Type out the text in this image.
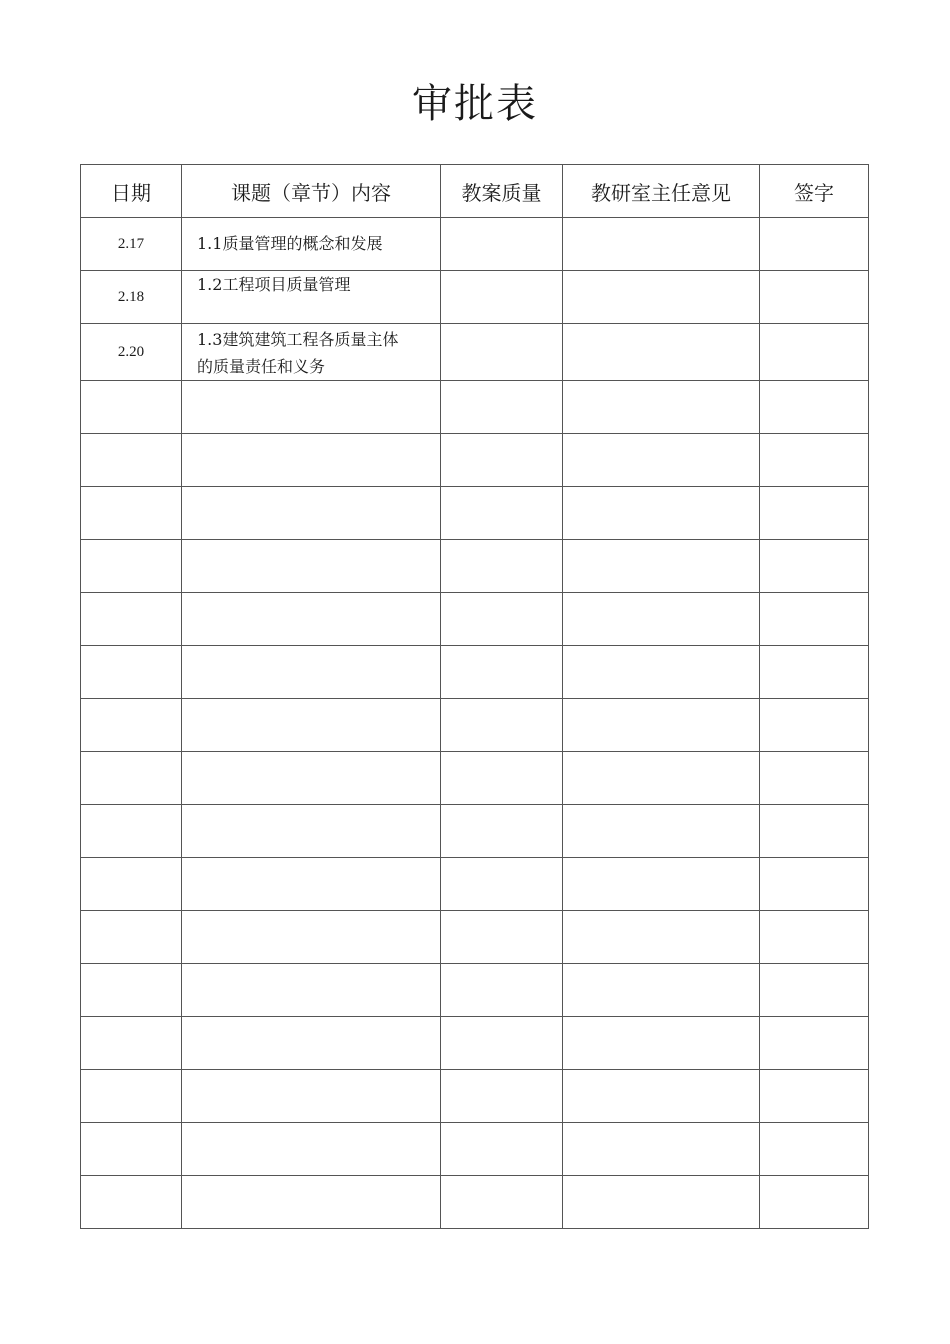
审批表
日期	课题（章节）内容	教案质量	教研室主任意见	签字
2.17	1.1质量管理的概念和发展			
2.18	1.2工程项目质量管理			
2.20	1.3建筑建筑工程各质量主体
的质量责任和义务			
